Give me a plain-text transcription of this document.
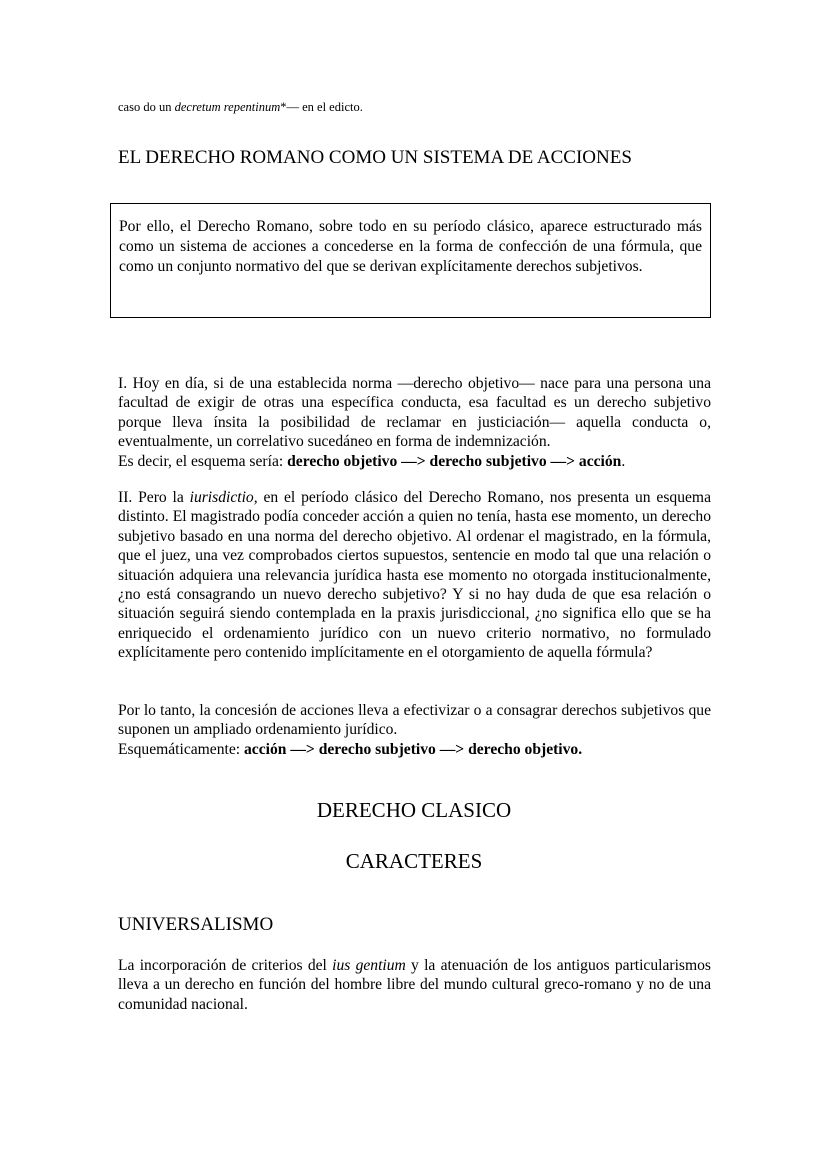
caso do un decretum repentinum*— en el edicto.
EL DERECHO ROMANO COMO UN SISTEMA DE ACCIONES
Por ello, el Derecho Romano, sobre todo en su período clásico, aparece estructurado más como un sistema de acciones a concederse en la forma de confección de una fórmula, que como un conjunto normativo del que se derivan explícitamente derechos subjetivos.

I. Hoy en día, si de una establecida norma —derecho objetivo— nace para una persona una facultad de exigir de otras una específica conducta, esa facultad es un derecho subjetivo porque lleva ínsita la posibilidad de reclamar en justiciación— aquella conducta o, eventualmente, un correlativo sucedáneo en forma de indemnización.
Es decir, el esquema sería: derecho objetivo —> derecho subjetivo —> acción.

II. Pero la iurisdictio, en el período clásico del Derecho Romano, nos presenta un esquema distinto. El magistrado podía conceder acción a quien no tenía, hasta ese momento, un derecho subjetivo basado en una norma del derecho objetivo. Al ordenar el magistrado, en la fórmula, que el juez, una vez comprobados ciertos supuestos, sentencie en modo tal que una relación o situación adquiera una relevancia jurídica hasta ese momento no otorgada institucionalmente, ¿no está consagrando un nuevo derecho subjetivo? Y si no hay duda de que esa relación o situación seguirá siendo contemplada en la praxis jurisdiccional, ¿no significa ello que se ha enriquecido el ordenamiento jurídico con un nuevo criterio normativo, no formulado explícitamente pero contenido implícitamente en el otorgamiento de aquella fórmula?

Por lo tanto, la concesión de acciones lleva a efectivizar o a consagrar derechos subjetivos que suponen un ampliado ordenamiento jurídico.
Esquemáticamente: acción —> derecho subjetivo —> derecho objetivo.

DERECHO CLASICO
CARACTERES
UNIVERSALISMO

La incorporación de criterios del ius gentium y la atenuación de los antiguos particularismos lleva a un derecho en función del hombre libre del mundo cultural greco-romano y no de una comunidad nacional.
